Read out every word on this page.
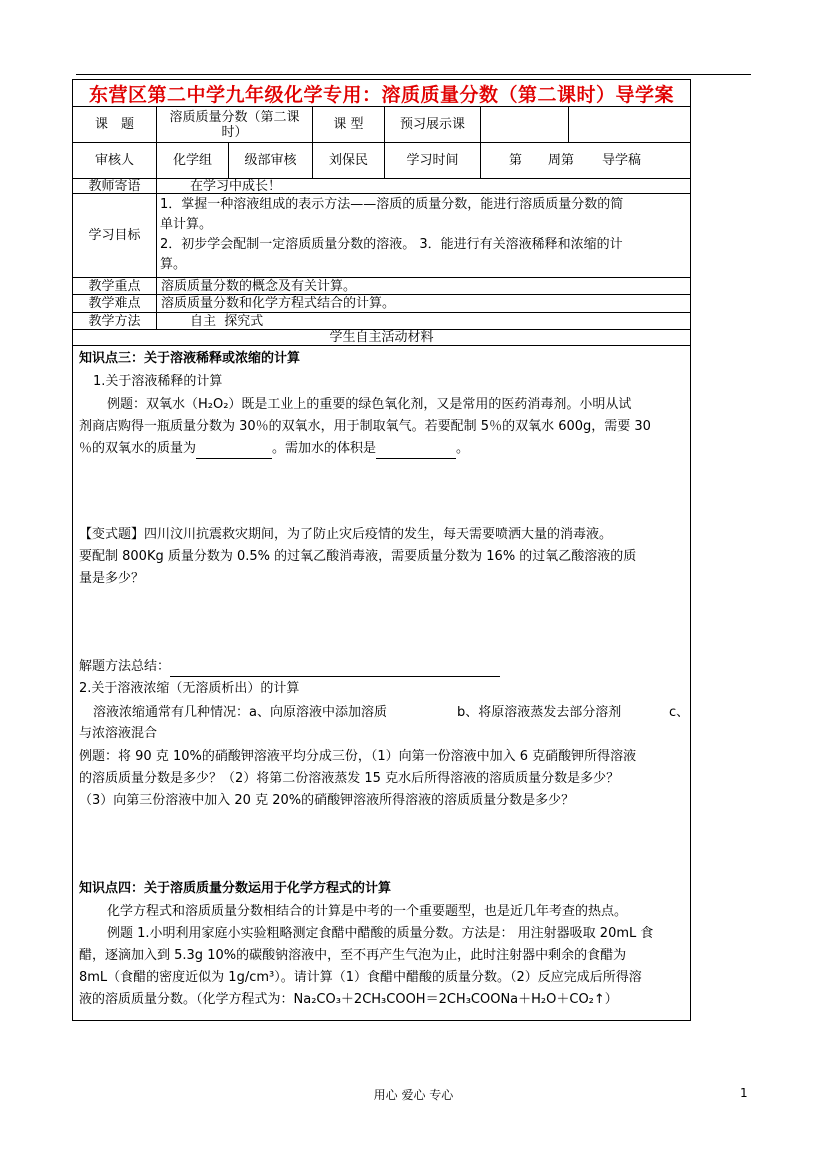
东营区第二中学九年级化学专用：溶质质量分数（第二课时）导学案
课　题	溶质质量分数（第二课时）	课 型	预习展示课
审核人	化学组	级部审核	刘保民	学习时间	第　　周第 导学稿
教师寄语	在学习中成长！
学习目标
1．掌握一种溶液组成的表示方法——溶质的质量分数，能进行溶质质量分数的简
单计算。
2．初步学会配制一定溶质质量分数的溶液。 3．能进行有关溶液稀释和浓缩的计
算。
教学重点	溶质质量分数的概念及有关计算。
教学难点	溶质质量分数和化学方程式结合的计算。
教学方法	自主  探究式
学生自主活动材料
知识点三：关于溶液稀释或浓缩的计算
1.关于溶液稀释的计算
例题：双氧水（H₂O₂）既是工业上的重要的绿色氧化剂，又是常用的医药消毒剂。小明从试
剂商店购得一瓶质量分数为 30％的双氧水，用于制取氧气。若要配制 5％的双氧水 600g，需要 30
％的双氧水的质量为	。需加水的体积是	。
【变式题】四川汶川抗震救灾期间，为了防止灾后疫情的发生，每天需要喷洒大量的消毒液。
要配制 800Kg 质量分数为 0.5% 的过氧乙酸消毒液，需要质量分数为 16% 的过氧乙酸溶液的质
量是多少？
解题方法总结：
2.关于溶液浓缩（无溶质析出）的计算
溶液浓缩通常有几种情况：a、向原溶液中添加溶质	b、将原溶液蒸发去部分溶剂	c、
与浓溶液混合
例题：将 90 克 10%的硝酸钾溶液平均分成三份，（1）向第一份溶液中加入 6 克硝酸钾所得溶液
的溶质质量分数是多少？（2）将第二份溶液蒸发 15 克水后所得溶液的溶质质量分数是多少？
（3）向第三份溶液中加入 20 克 20%的硝酸钾溶液所得溶液的溶质质量分数是多少？
知识点四：关于溶质质量分数运用于化学方程式的计算
化学方程式和溶质质量分数相结合的计算是中考的一个重要题型，也是近几年考查的热点。
例题 1.小明利用家庭小实验粗略测定食醋中醋酸的质量分数。方法是： 用注射器吸取 20mL 食
醋，逐滴加入到 5.3g 10%的碳酸钠溶液中，至不再产生气泡为止，此时注射器中剩余的食醋为
8mL（食醋的密度近似为 1g/cm³）。请计算（1）食醋中醋酸的质量分数。（2）反应完成后所得溶
液的溶质质量分数。（化学方程式为：Na₂CO₃＋2CH₃COOH＝2CH₃COONa＋H₂O＋CO₂↑）
用心 爱心 专心	1
